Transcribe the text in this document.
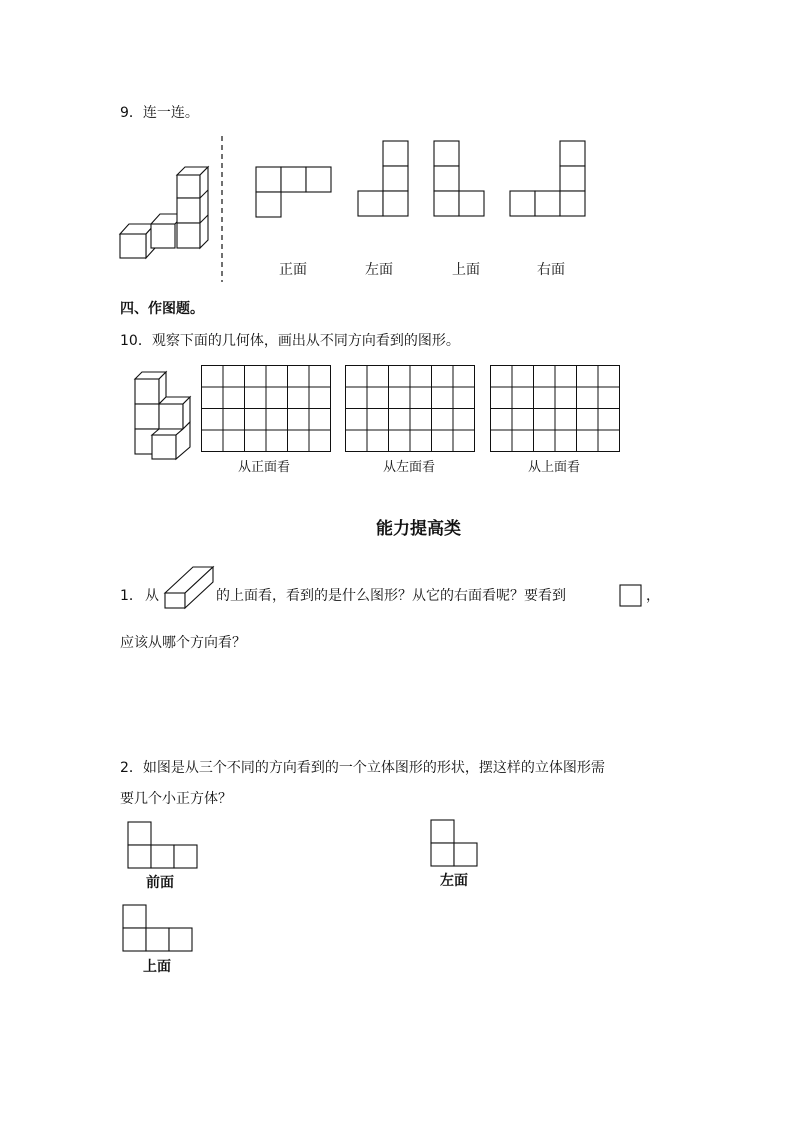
9．连一连。
正面	左面	上面	右面
四、作图题。
10．观察下面的几何体，画出从不同方向看到的图形。
从正面看	从左面看	从上面看
能力提高类
1． 从	的上面看，看到的是什么图形？从它的右面看呢？要看到	，
应该从哪个方向看？
2．如图是从三个不同的方向看到的一个立体图形的形状，摆这样的立体图形需
要几个小正方体？
前面	左面
上面
